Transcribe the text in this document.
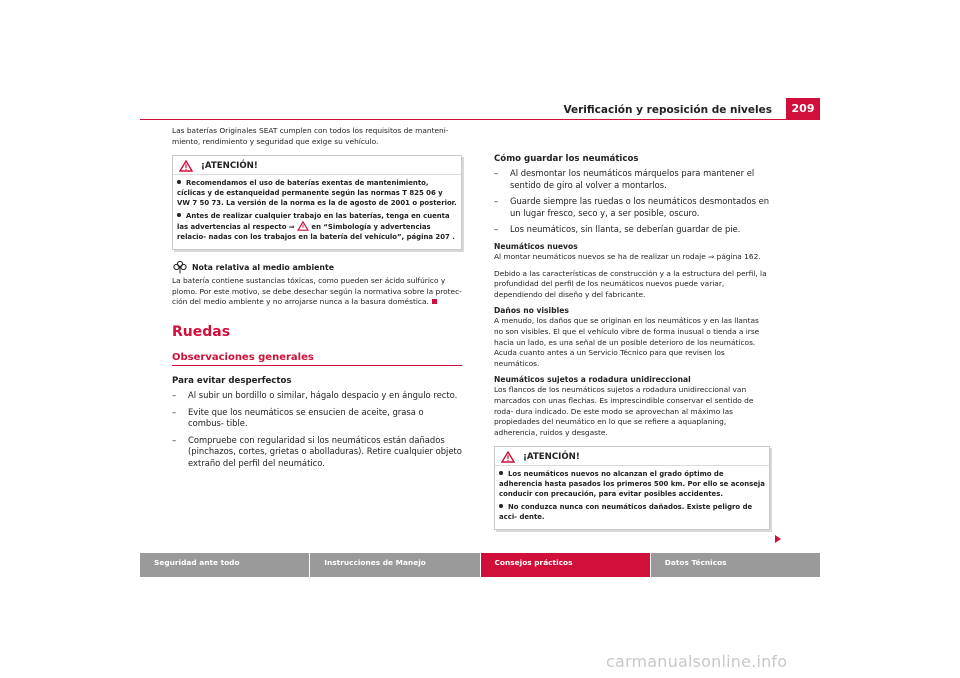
Verificación y reposición de niveles	209

Las baterías Originales SEAT cumplen con todos los requisitos de manteni- miento, rendimiento y seguridad que exige su vehículo.

¡ATENCIÓN!

Recomendamos el uso de baterías exentas de mantenimiento, cíclicas y de estanqueidad permanente según las normas T 825 06 y VW 7 50 73. La versión de la norma es la de agosto de 2001 o posterior.

Antes de realizar cualquier trabajo en las baterías, tenga en cuenta las advertencias al respecto ⇒ en “Simbología y advertencias relacio- nadas con los trabajos en la batería del vehículo”, página 207 .

Nota relativa al medio ambiente

La batería contiene sustancias tóxicas, como pueden ser ácido sulfúrico y plomo. Por este motivo, se debe desechar según la normativa sobre la protec- ción del medio ambiente y no arrojarse nunca a la basura doméstica.

Ruedas
Observaciones generales
Para evitar desperfectos
– Al subir un bordillo o similar, hágalo despacio y en ángulo recto.
– Evite que los neumáticos se ensucien de aceite, grasa o combus- tible.
– Compruebe con regularidad si los neumáticos están dañados (pinchazos, cortes, grietas o abolladuras). Retire cualquier objeto extraño del perfil del neumático.
Cómo guardar los neumáticos
– Al desmontar los neumáticos márquelos para mantener el sentido de giro al volver a montarlos.
– Guarde siempre las ruedas o los neumáticos desmontados en un lugar fresco, seco y, a ser posible, oscuro.
– Los neumáticos, sin llanta, se deberían guardar de pie.
Neumáticos nuevos

Al montar neumáticos nuevos se ha de realizar un rodaje ⇒ página 162.

Debido a las características de construcción y a la estructura del perfil, la profundidad del perfil de los neumáticos nuevos puede variar, dependiendo del diseño y del fabricante.

Daños no visibles

A menudo, los daños que se originan en los neumáticos y en las llantas no son visibles. El que el vehículo vibre de forma inusual o tienda a irse hacia un lado, es una señal de un posible deterioro de los neumáticos. Acuda cuanto antes a un Servicio Técnico para que revisen los neumáticos.

Neumáticos sujetos a rodadura unidireccional

Los flancos de los neumáticos sujetos a rodadura unidireccional van marcados con unas flechas. Es imprescindible conservar el sentido de roda- dura indicado. De este modo se aprovechan al máximo las propiedades del neumático en lo que se refiere a aquaplaning, adherencia, ruidos y desgaste.

¡ATENCIÓN!

Los neumáticos nuevos no alcanzan el grado óptimo de adherencia hasta pasados los primeros 500 km. Por ello se aconseja conducir con precaución, para evitar posibles accidentes.

No conduzca nunca con neumáticos dañados. Existe peligro de acci- dente.

Seguridad ante todo	Instrucciones de Manejo	Consejos prácticos	Datos Técnicos
carmanualsonline.info
